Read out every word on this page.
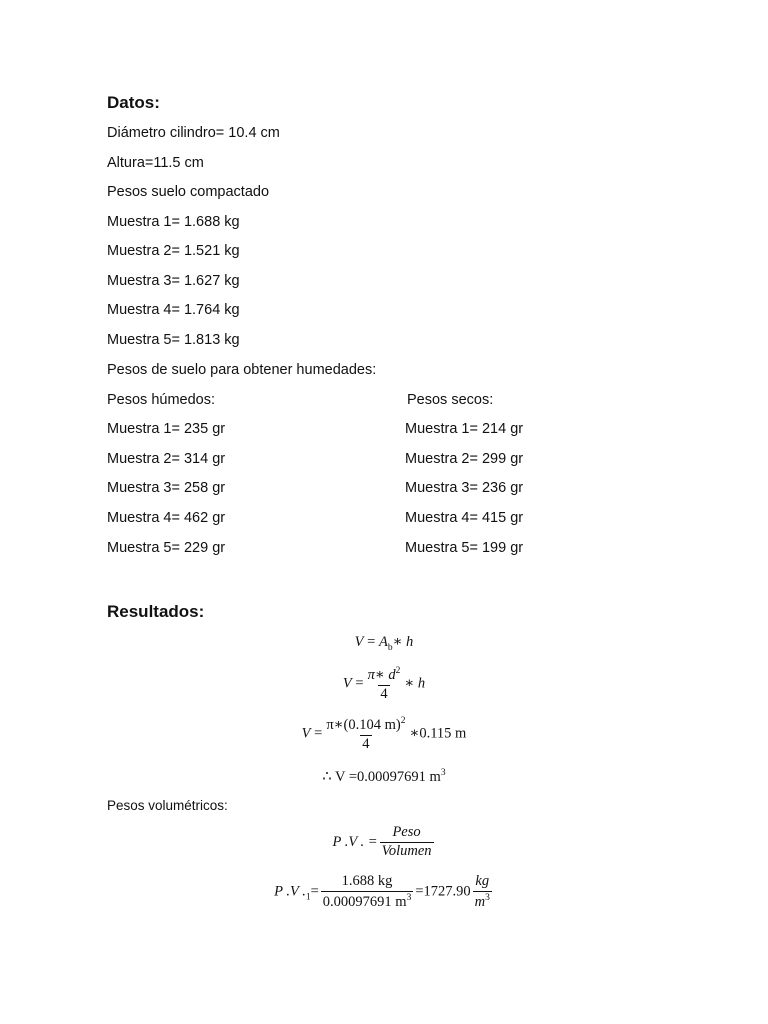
Datos:
Diámetro cilindro= 10.4 cm
Altura=11.5 cm
Pesos suelo compactado
Muestra 1= 1.688 kg
Muestra 2= 1.521 kg
Muestra 3= 1.627 kg
Muestra 4= 1.764 kg
Muestra 5= 1.813 kg
Pesos de suelo para obtener humedades:
Pesos húmedos:	Pesos secos:
Muestra 1= 235 gr
Muestra 2= 314 gr
Muestra 3= 258 gr
Muestra 4= 462 gr
Muestra 5= 229 gr
Muestra 1= 214 gr
Muestra 2= 299 gr
Muestra 3= 236 gr
Muestra 4= 415 gr
Muestra 5= 199 gr
Resultados:
$V = A_b∗$ h
$V = \frac{\pi∗ d^2}{4}$ ∗ h
$V = \frac{\pi∗(0.104 m)^2}{4}$ ∗0.115 m
∴ V =0.00097691 $m^3$
Pesos volumétricos:
P .V . = $\frac{\text{Peso}}{\text{Volumen}}$
P .V $._1= \frac{1.688 kg}{0.00097691 m^3} =1727.90 \frac{kg}{m^3}$
